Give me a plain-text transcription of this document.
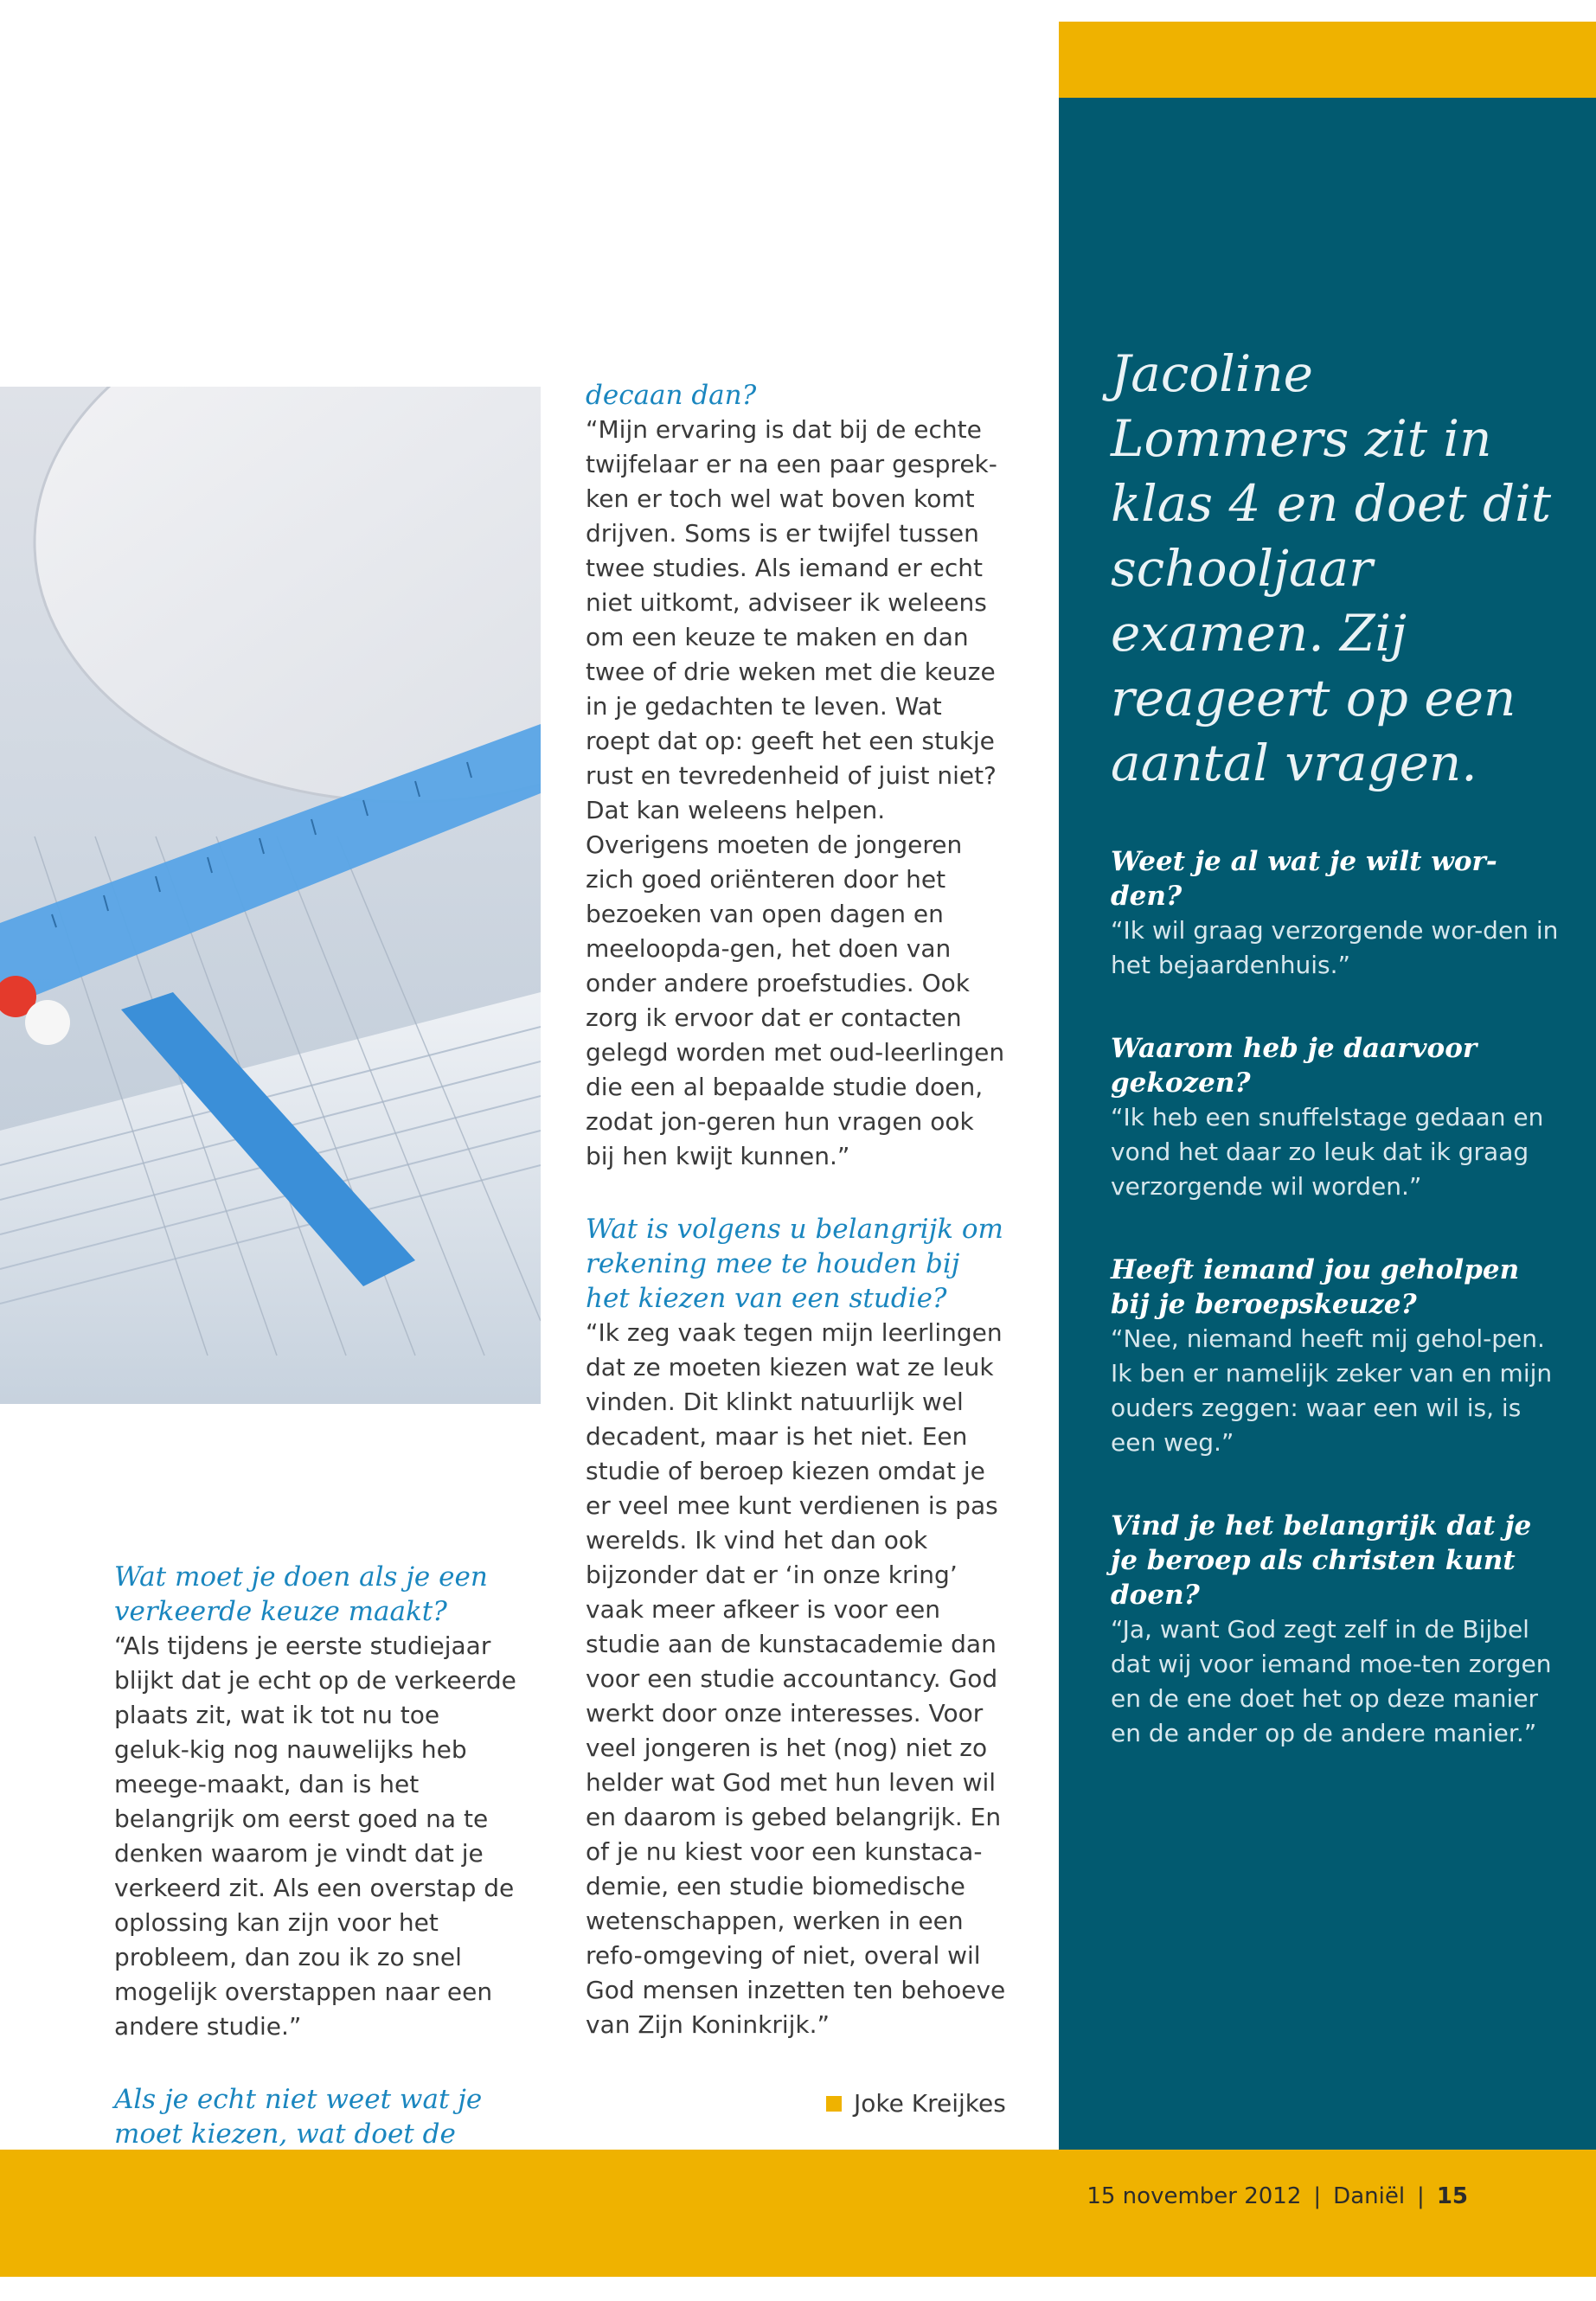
Wat moet je doen als je een verkeerde keuze maakt?

“Als tijdens je eerste studiejaar blijkt dat je echt op de verkeerde plaats zit, wat ik tot nu toe geluk-kig nog nauwelijks heb meege-maakt, dan is het belangrijk om eerst goed na te denken waarom je vindt dat je verkeerd zit. Als een overstap de oplossing kan zijn voor het probleem, dan zou ik zo snel mogelijk overstappen naar een andere studie.”

Als je echt niet weet wat je moet kiezen, wat doet de

decaan dan?

“Mijn ervaring is dat bij de echte twijfelaar er na een paar gesprek-ken er toch wel wat boven komt drijven. Soms is er twijfel tussen twee studies. Als iemand er echt niet uitkomt, adviseer ik weleens om een keuze te maken en dan twee of drie weken met die keuze in je gedachten te leven. Wat roept dat op: geeft het een stukje rust en tevredenheid of juist niet? Dat kan weleens helpen. Overigens moeten de jongeren zich goed oriënteren door het bezoeken van open dagen en meeloopda-gen, het doen van onder andere proefstudies. Ook zorg ik ervoor dat er contacten gelegd worden met oud-leerlingen die een al bepaalde studie doen, zodat jon-geren hun vragen ook bij hen kwijt kunnen.”

Wat is volgens u belangrijk om rekening mee te houden bij het kiezen van een studie?

“Ik zeg vaak tegen mijn leerlingen dat ze moeten kiezen wat ze leuk vinden. Dit klinkt natuurlijk wel decadent, maar is het niet. Een studie of beroep kiezen omdat je er veel mee kunt verdienen is pas werelds. Ik vind het dan ook bijzonder dat er ‘in onze kring’ vaak meer afkeer is voor een studie aan de kunstacademie dan voor een studie accountancy. God werkt door onze interesses. Voor veel jongeren is het (nog) niet zo helder wat God met hun leven wil en daarom is gebed belangrijk. En of je nu kiest voor een kunstaca-demie, een studie biomedische wetenschappen, werken in een refo-omgeving of niet, overal wil God mensen inzetten ten behoeve van Zijn Koninkrijk.”

Joke Kreijkes

Jacoline Lommers zit in klas 4 en doet dit schooljaar examen. Zij reageert op een aantal vragen.

Weet je al wat je wilt wor-den?

“Ik wil graag verzorgende wor-den in het bejaardenhuis.”

Waarom heb je daarvoor gekozen?

“Ik heb een snuffelstage gedaan en vond het daar zo leuk dat ik graag verzorgende wil worden.”

Heeft iemand jou geholpen bij je beroepskeuze?

“Nee, niemand heeft mij gehol-pen. Ik ben er namelijk zeker van en mijn ouders zeggen: waar een wil is, is een weg.”

Vind je het belangrijk dat je je beroep als christen kunt doen?

“Ja, want God zegt zelf in de Bijbel dat wij voor iemand moe-ten zorgen en de ene doet het op deze manier en de ander op de andere manier.”

15 november 2012 | Daniël | 15
